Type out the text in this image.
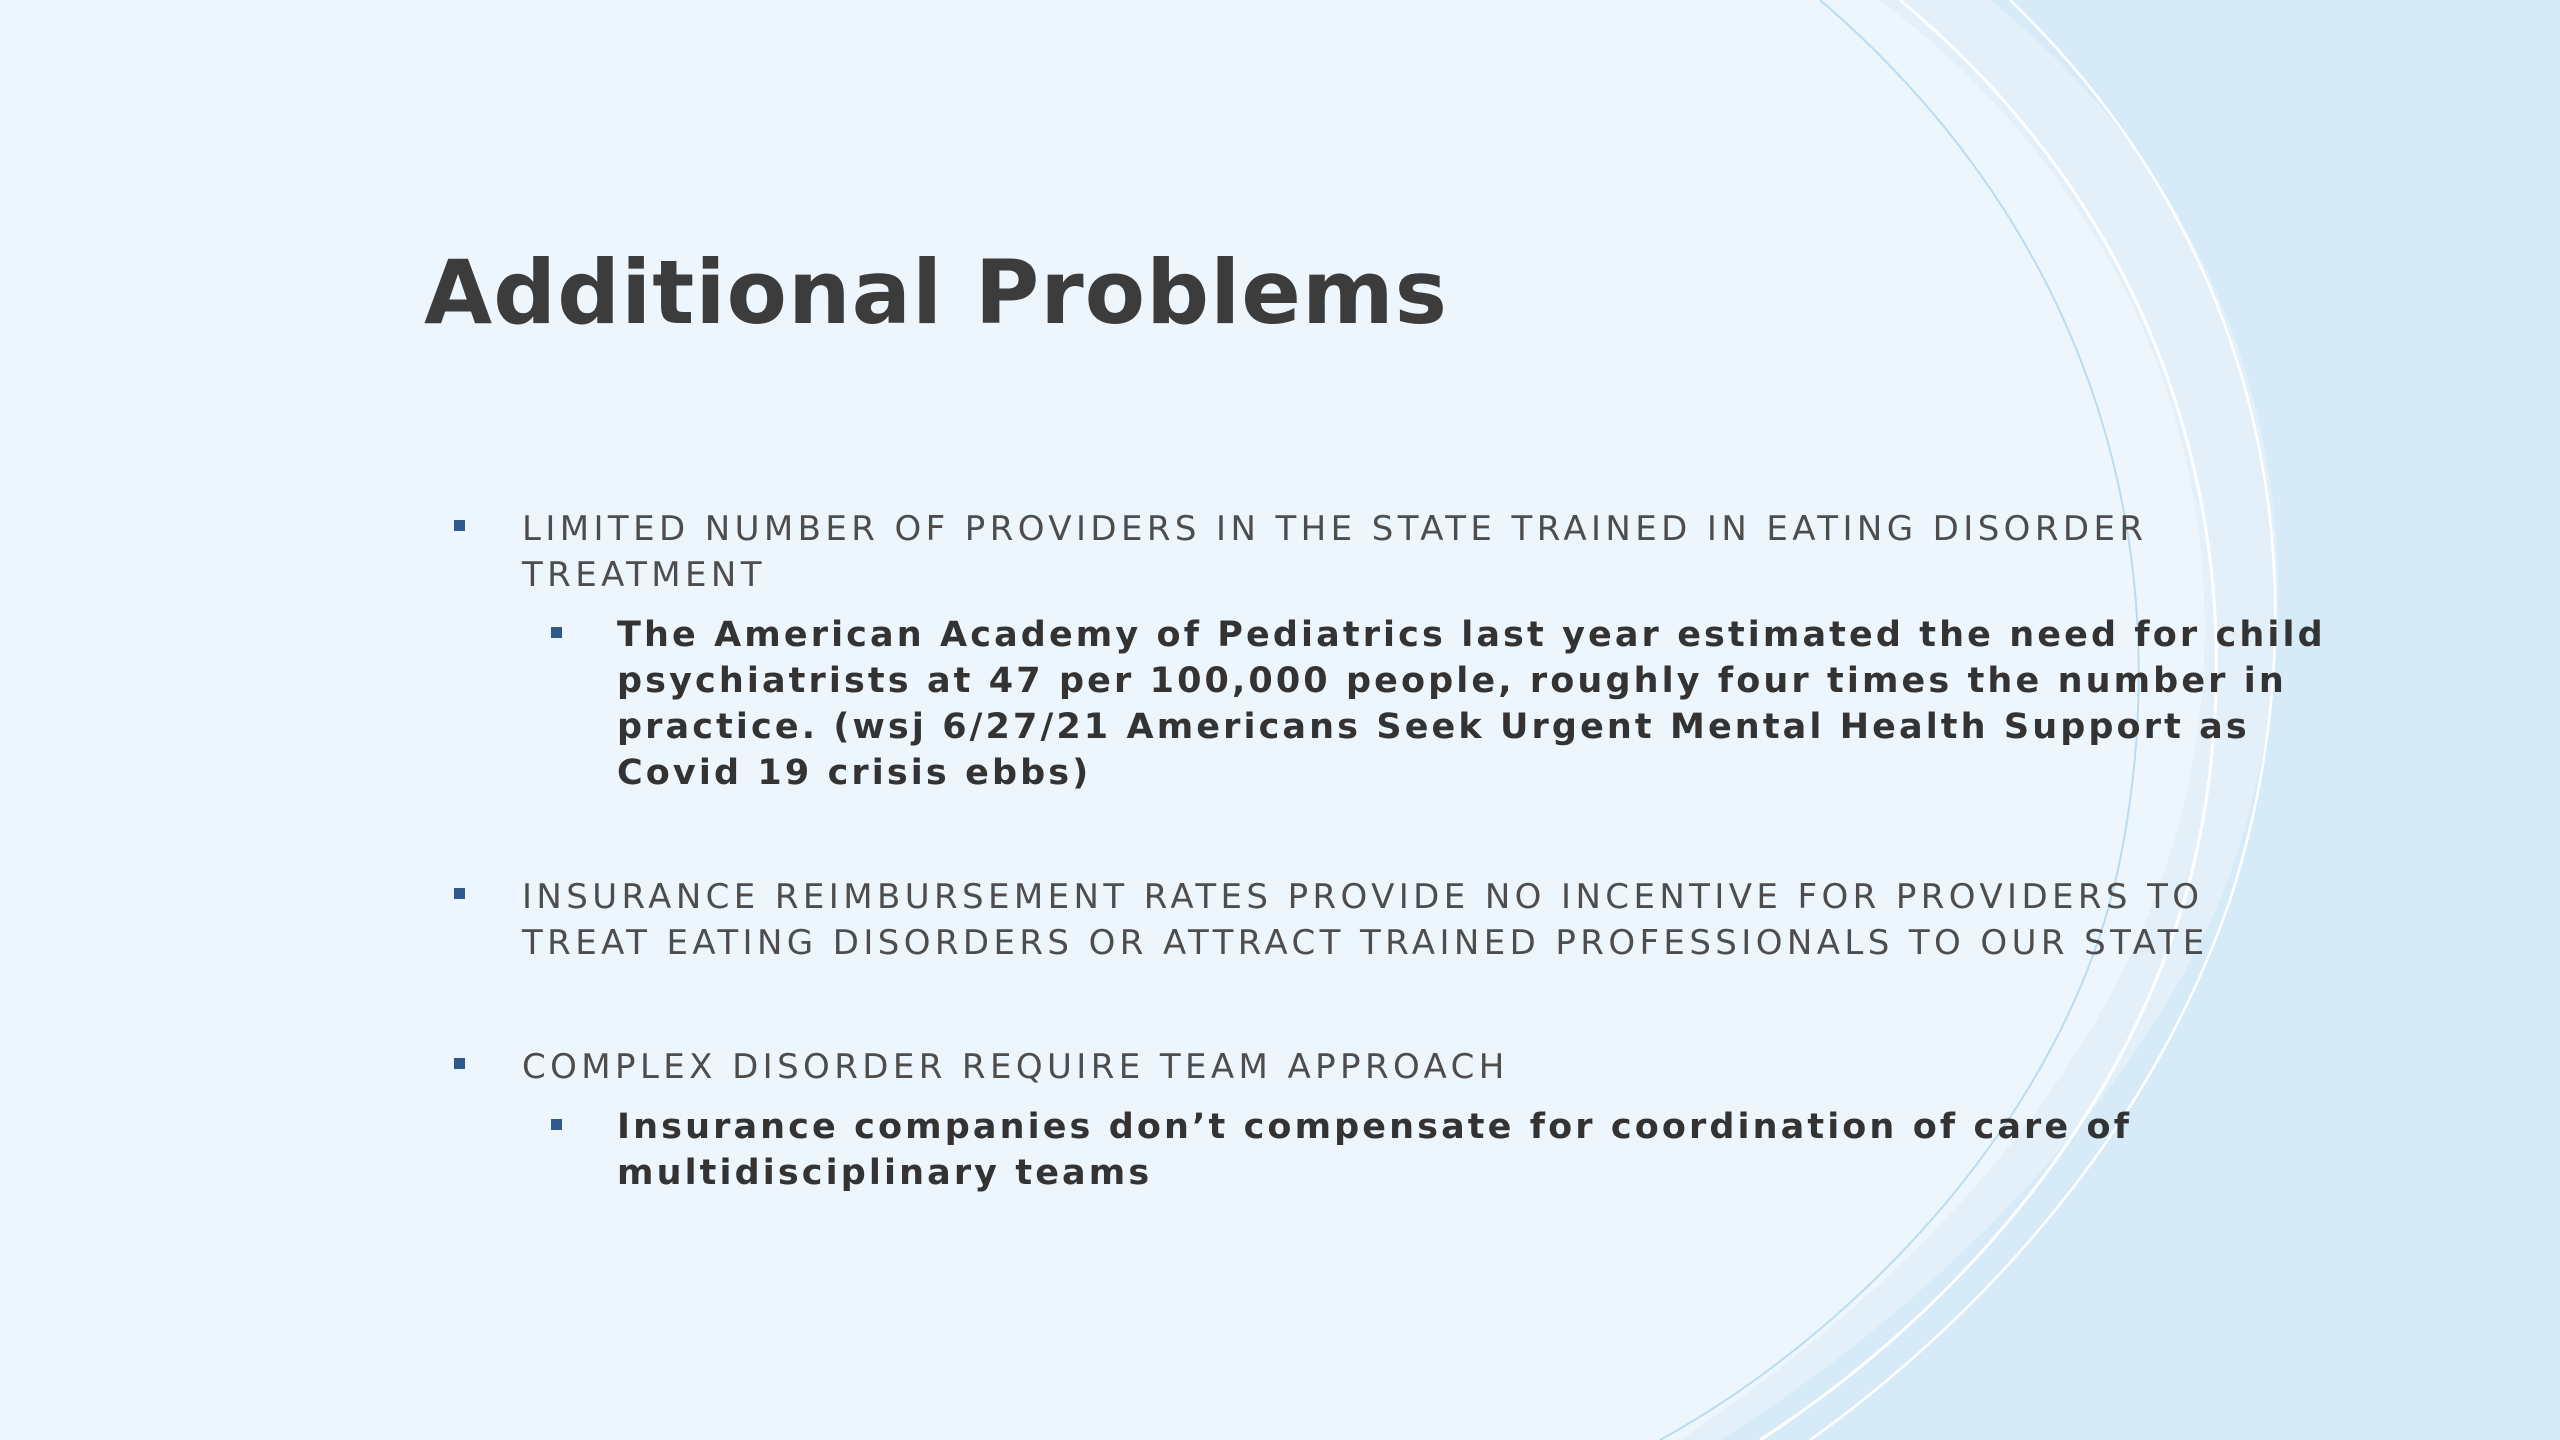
Additional Problems
LIMITED NUMBER OF PROVIDERS IN THE STATE TRAINED IN EATING DISORDER
TREATMENT
The American Academy of Pediatrics last year estimated the need for child
psychiatrists at 47 per 100,000 people, roughly four times the number in
practice. (wsj 6/27/21 Americans Seek Urgent Mental Health Support as
Covid 19 crisis ebbs)
INSURANCE REIMBURSEMENT RATES PROVIDE NO INCENTIVE FOR PROVIDERS TO
TREAT EATING DISORDERS OR ATTRACT TRAINED PROFESSIONALS TO OUR STATE
COMPLEX DISORDER REQUIRE TEAM APPROACH
Insurance companies don’t compensate for coordination of care of
multidisciplinary teams
